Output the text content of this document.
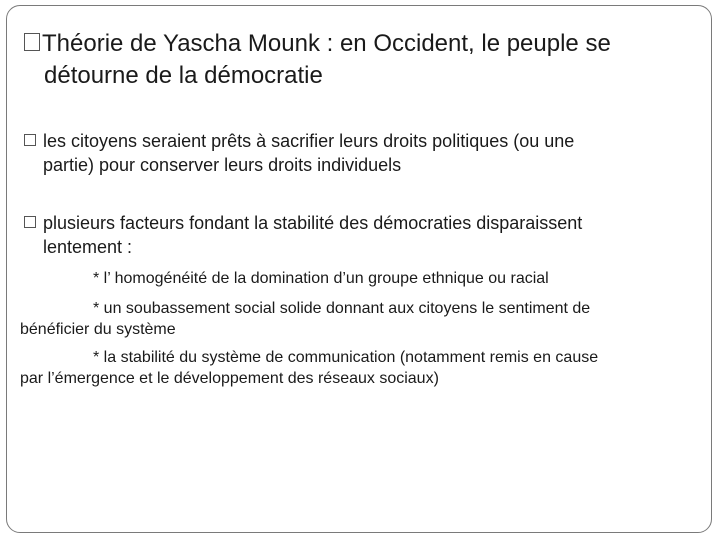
Théorie de Yascha Mounk : en Occident, le peuple se
détourne de la démocratie
les citoyens seraient prêts à sacrifier leurs droits politiques (ou une
partie) pour conserver leurs droits individuels
plusieurs facteurs fondant la stabilité des démocraties disparaissent
lentement :
* l’ homogénéité de la domination d’un groupe ethnique ou racial
* un soubassement social solide donnant aux citoyens le sentiment de
bénéficier du système
* la stabilité du système de communication (notamment remis en cause
par l’émergence et le développement des réseaux sociaux)
